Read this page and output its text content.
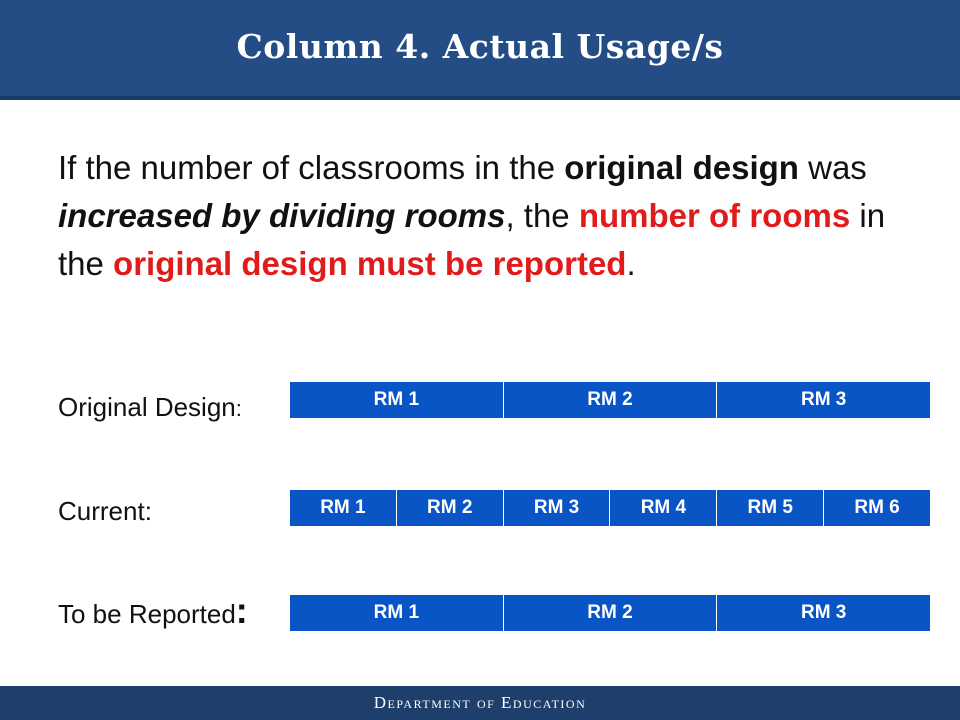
Column 4. Actual Usage/s
If the number of classrooms in the original design was increased by dividing rooms, the number of rooms in the original design must be reported.
Original Design:	RM 1	RM 2	RM 3
Current:	RM 1	RM 2	RM 3	RM 4	RM 5	RM 6
To be Reported:	RM 1	RM 2	RM 3
Department of Education
